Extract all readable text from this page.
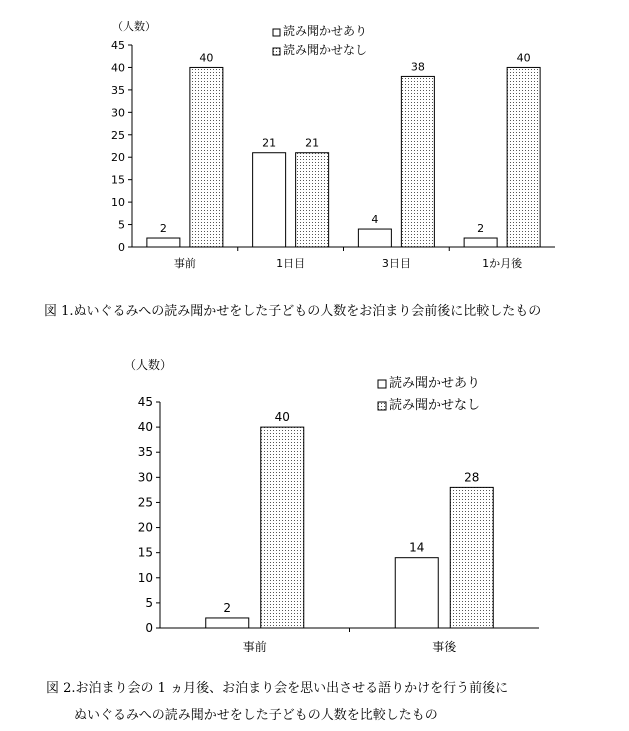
（人数）
0
5
10
15
20
25
30
35
40
45
事前
2
40
1日目
21	21
3日目
4
38
1か月後
2
40
読み聞かせあり
読み聞かせなし
図 1.ぬいぐるみへの読み聞かせをした子どもの人数をお泊まり会前後に比較したもの
（人数）
0
5
10
15
20
25
30
35
40
45
事前
2
40
事後
14
28
読み聞かせあり
読み聞かせなし
図 2.お泊まり会の 1 ヵ月後、お泊まり会を思い出させる語りかけを行う前後に
ぬいぐるみへの読み聞かせをした子どもの人数を比較したもの
